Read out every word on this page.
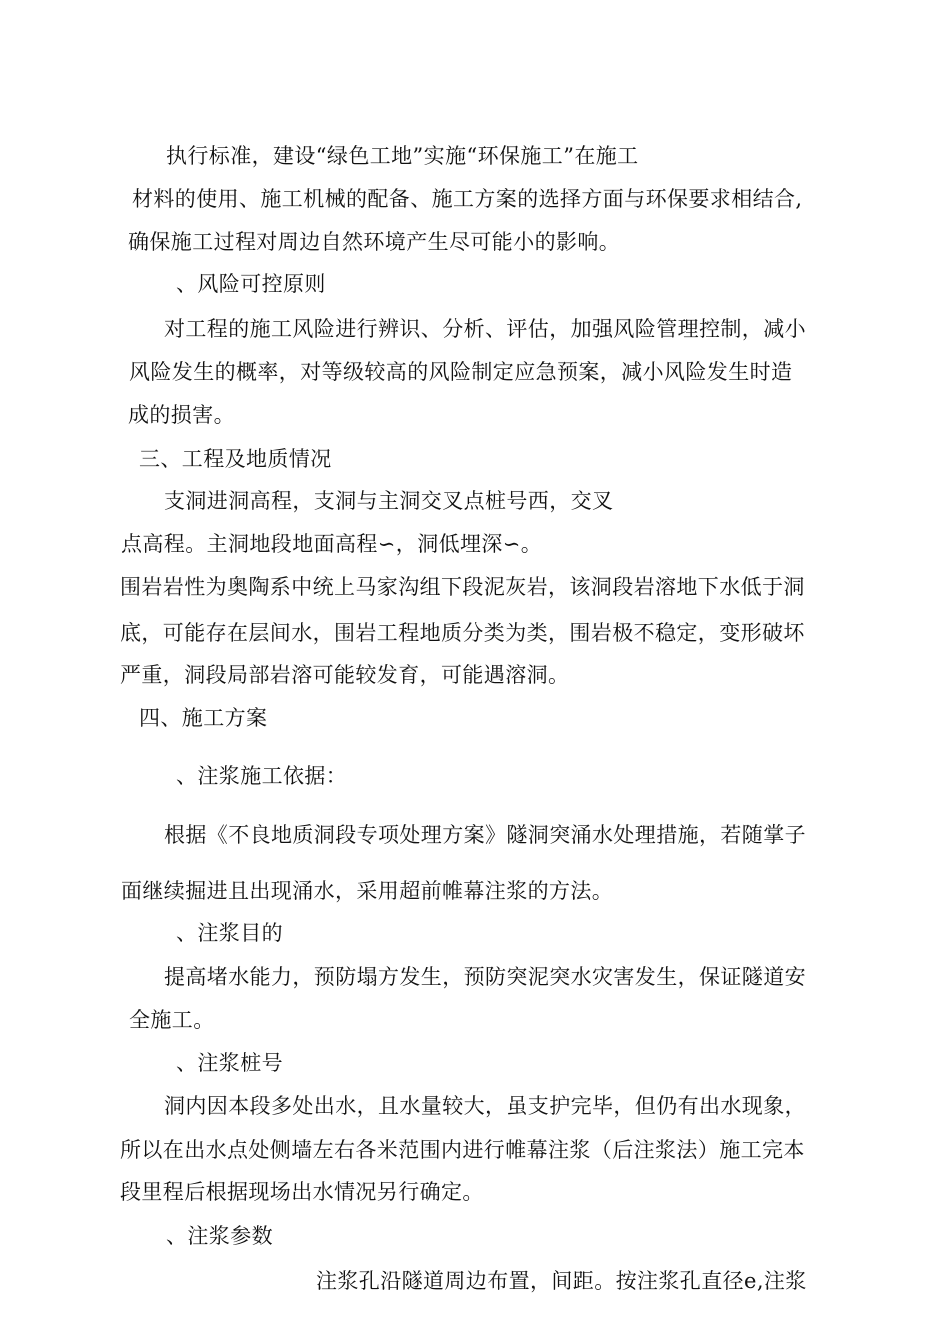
执行标准，建设“绿色工地”实施“环保施工”在施工
材料的使用、施工机械的配备、施工方案的选择方面与环保要求相结合,
确保施工过程对周边自然环境产生尽可能小的影响。
、风险可控原则
对工程的施工风险进行辨识、分析、评估，加强风险管理控制，减小
风险发生的概率，对等级较高的风险制定应急预案，减小风险发生时造
成的损害。
三、工程及地质情况
支洞进洞高程，支洞与主洞交叉点桩号西，交叉
点高程。主洞地段地面高程∽，洞低埋深∽。
围岩岩性为奥陶系中统上马家沟组下段泥灰岩，该洞段岩溶地下水低于洞
底，可能存在层间水，围岩工程地质分类为类，围岩极不稳定，变形破坏
严重，洞段局部岩溶可能较发育，可能遇溶洞。
四、施工方案
、注浆施工依据：
根据《不良地质洞段专项处理方案》隧洞突涌水处理措施，若随掌子
面继续掘进且出现涌水，采用超前帷幕注浆的方法。
、注浆目的
提高堵水能力，预防塌方发生，预防突泥突水灾害发生，保证隧道安
全施工。
、注浆桩号
洞内因本段多处出水，且水量较大，虽支护完毕，但仍有出水现象，
所以在出水点处侧墙左右各米范围内进行帷幕注浆（后注浆法）施工完本
段里程后根据现场出水情况另行确定。
、注浆参数
注浆孔沿隧道周边布置，间距。按注浆孔直径e,注浆
